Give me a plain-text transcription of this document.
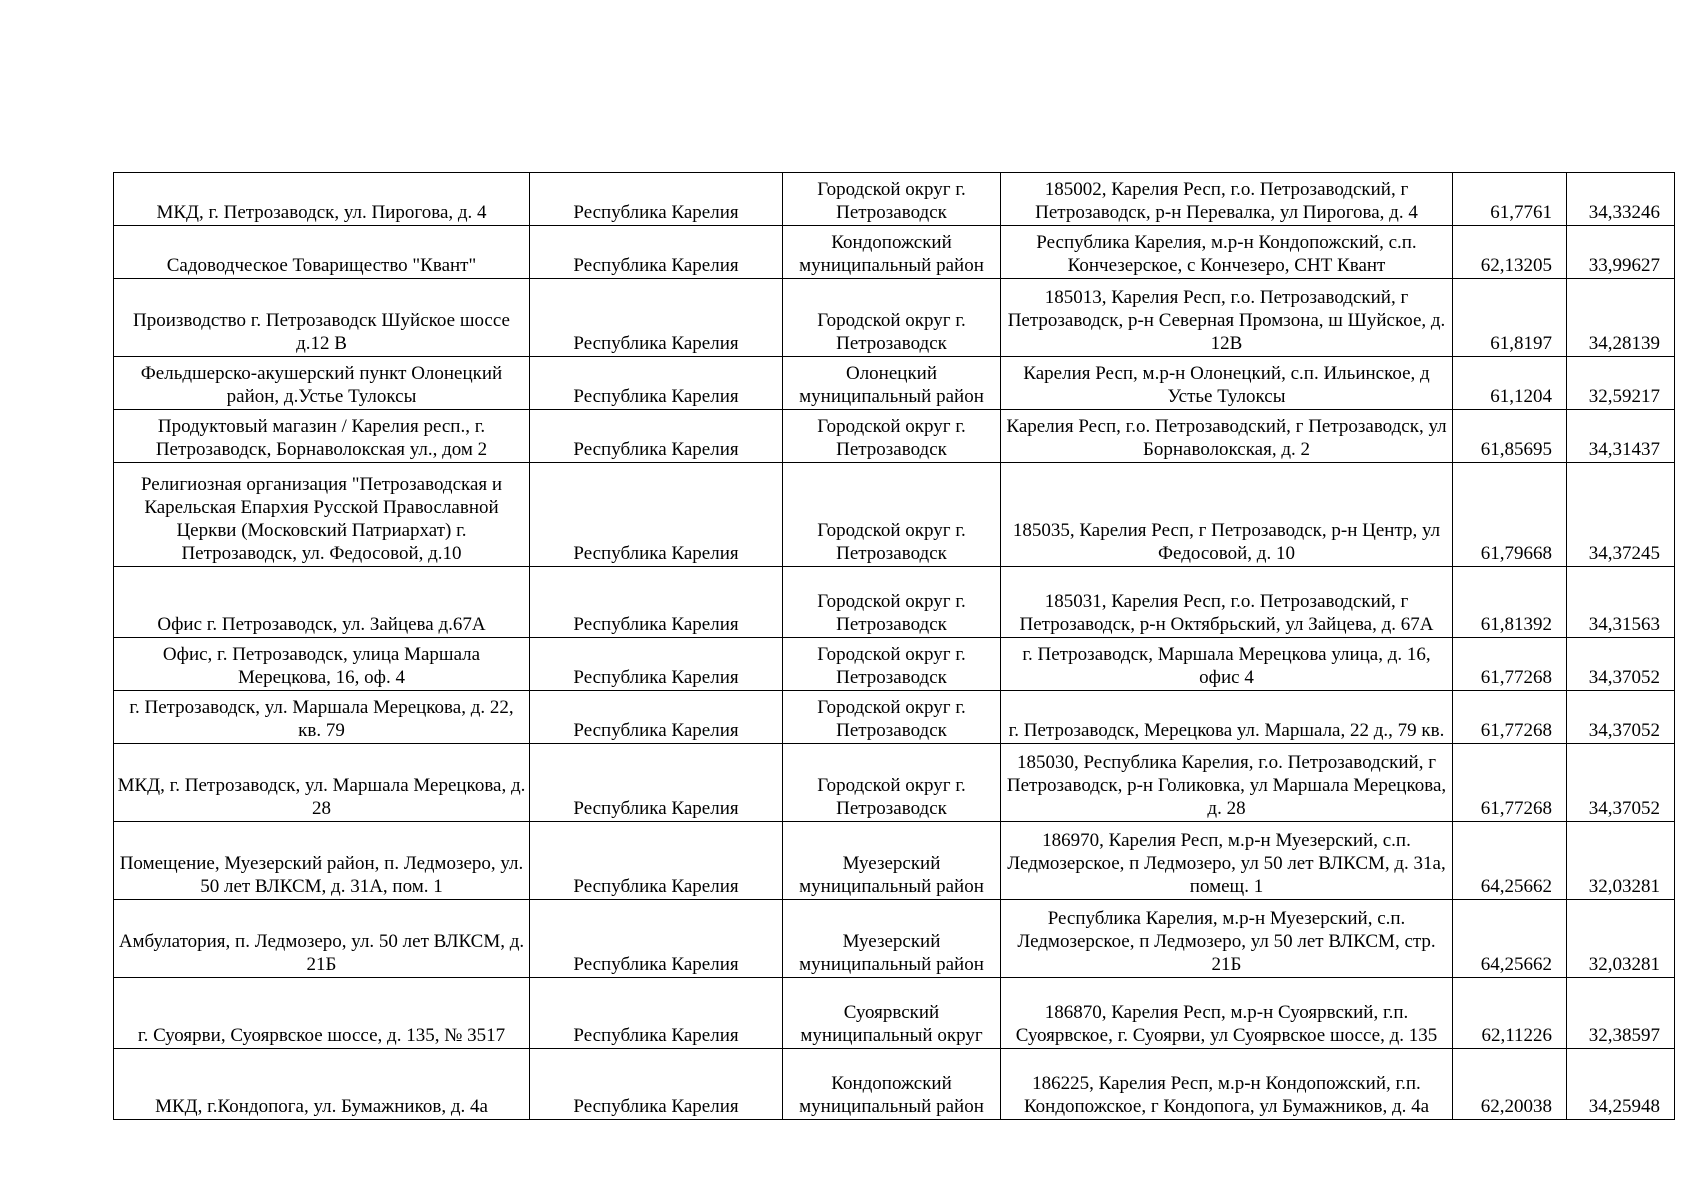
МКД, г. Петрозаводск, ул. Пирогова, д. 4	Республика Карелия	Городской округ г. Петрозаводск	185002, Карелия Респ, г.о. Петрозаводский, г Петрозаводск, р-н Перевалка, ул Пирогова, д. 4	61,7761	34,33246
Садоводческое Товарищество "Квант"	Республика Карелия	Кондопожский муниципальный район	Республика Карелия, м.р-н Кондопожский, с.п. Кончезерское, с Кончезеро, СНТ Квант	62,13205	33,99627
Производство г. Петрозаводск Шуйское шоссе д.12 В	Республика Карелия	Городской округ г. Петрозаводск	185013, Карелия Респ, г.о. Петрозаводский, г Петрозаводск, р-н Северная Промзона, ш Шуйское, д. 12В	61,8197	34,28139
Фельдшерско-акушерский пункт Олонецкий район, д.Устье Тулоксы	Республика Карелия	Олонецкий муниципальный район	Карелия Респ, м.р-н Олонецкий, с.п. Ильинское, д Устье Тулоксы	61,1204	32,59217
Продуктовый магазин / Карелия респ., г. Петрозаводск, Борнаволокская ул., дом 2	Республика Карелия	Городской округ г. Петрозаводск	Карелия Респ, г.о. Петрозаводский, г Петрозаводск, ул Борнаволокская, д. 2	61,85695	34,31437
Религиозная организация "Петрозаводская и Карельская Епархия Русской Православной Церкви (Московский Патриархат) г. Петрозаводск, ул. Федосовой, д.10	Республика Карелия	Городской округ г. Петрозаводск	185035, Карелия Респ, г Петрозаводск, р-н Центр, ул Федосовой, д. 10	61,79668	34,37245
Офис г. Петрозаводск, ул. Зайцева д.67А	Республика Карелия	Городской округ г. Петрозаводск	185031, Карелия Респ, г.о. Петрозаводский, г Петрозаводск, р-н Октябрьский, ул Зайцева, д. 67А	61,81392	34,31563
Офис, г. Петрозаводск, улица Маршала Мерецкова, 16, оф. 4	Республика Карелия	Городской округ г. Петрозаводск	г. Петрозаводск, Маршала Мерецкова улица, д. 16, офис 4	61,77268	34,37052
г. Петрозаводск, ул. Маршала Мерецкова, д. 22, кв. 79	Республика Карелия	Городской округ г. Петрозаводск	г. Петрозаводск, Мерецкова ул. Маршала, 22 д., 79 кв.	61,77268	34,37052
МКД, г. Петрозаводск, ул. Маршала Мерецкова, д. 28	Республика Карелия	Городской округ г. Петрозаводск	185030, Республика Карелия, г.о. Петрозаводский, г Петрозаводск, р-н Голиковка, ул Маршала Мерецкова, д. 28	61,77268	34,37052
Помещение, Муезерский район, п. Ледмозеро, ул. 50 лет ВЛКСМ, д. 31А, пом. 1	Республика Карелия	Муезерский муниципальный район	186970, Карелия Респ, м.р-н Муезерский, с.п. Ледмозерское, п Ледмозеро, ул 50 лет ВЛКСМ, д. 31а, помещ. 1	64,25662	32,03281
Амбулатория, п. Ледмозеро, ул. 50 лет ВЛКСМ, д. 21Б	Республика Карелия	Муезерский муниципальный район	Республика Карелия, м.р-н Муезерский, с.п. Ледмозерское, п Ледмозеро, ул 50 лет ВЛКСМ, стр. 21Б	64,25662	32,03281
г. Суоярви, Суоярвское шоссе, д. 135, № 3517	Республика Карелия	Суоярвский муниципальный округ	186870, Карелия Респ, м.р-н Суоярвский, г.п. Суоярвское, г. Суоярви, ул Суоярвское шоссе, д. 135	62,11226	32,38597
МКД, г.Кондопога, ул. Бумажников, д. 4а	Республика Карелия	Кондопожский муниципальный район	186225, Карелия Респ, м.р-н Кондопожский, г.п. Кондопожское, г Кондопога, ул Бумажников, д. 4а	62,20038	34,25948
